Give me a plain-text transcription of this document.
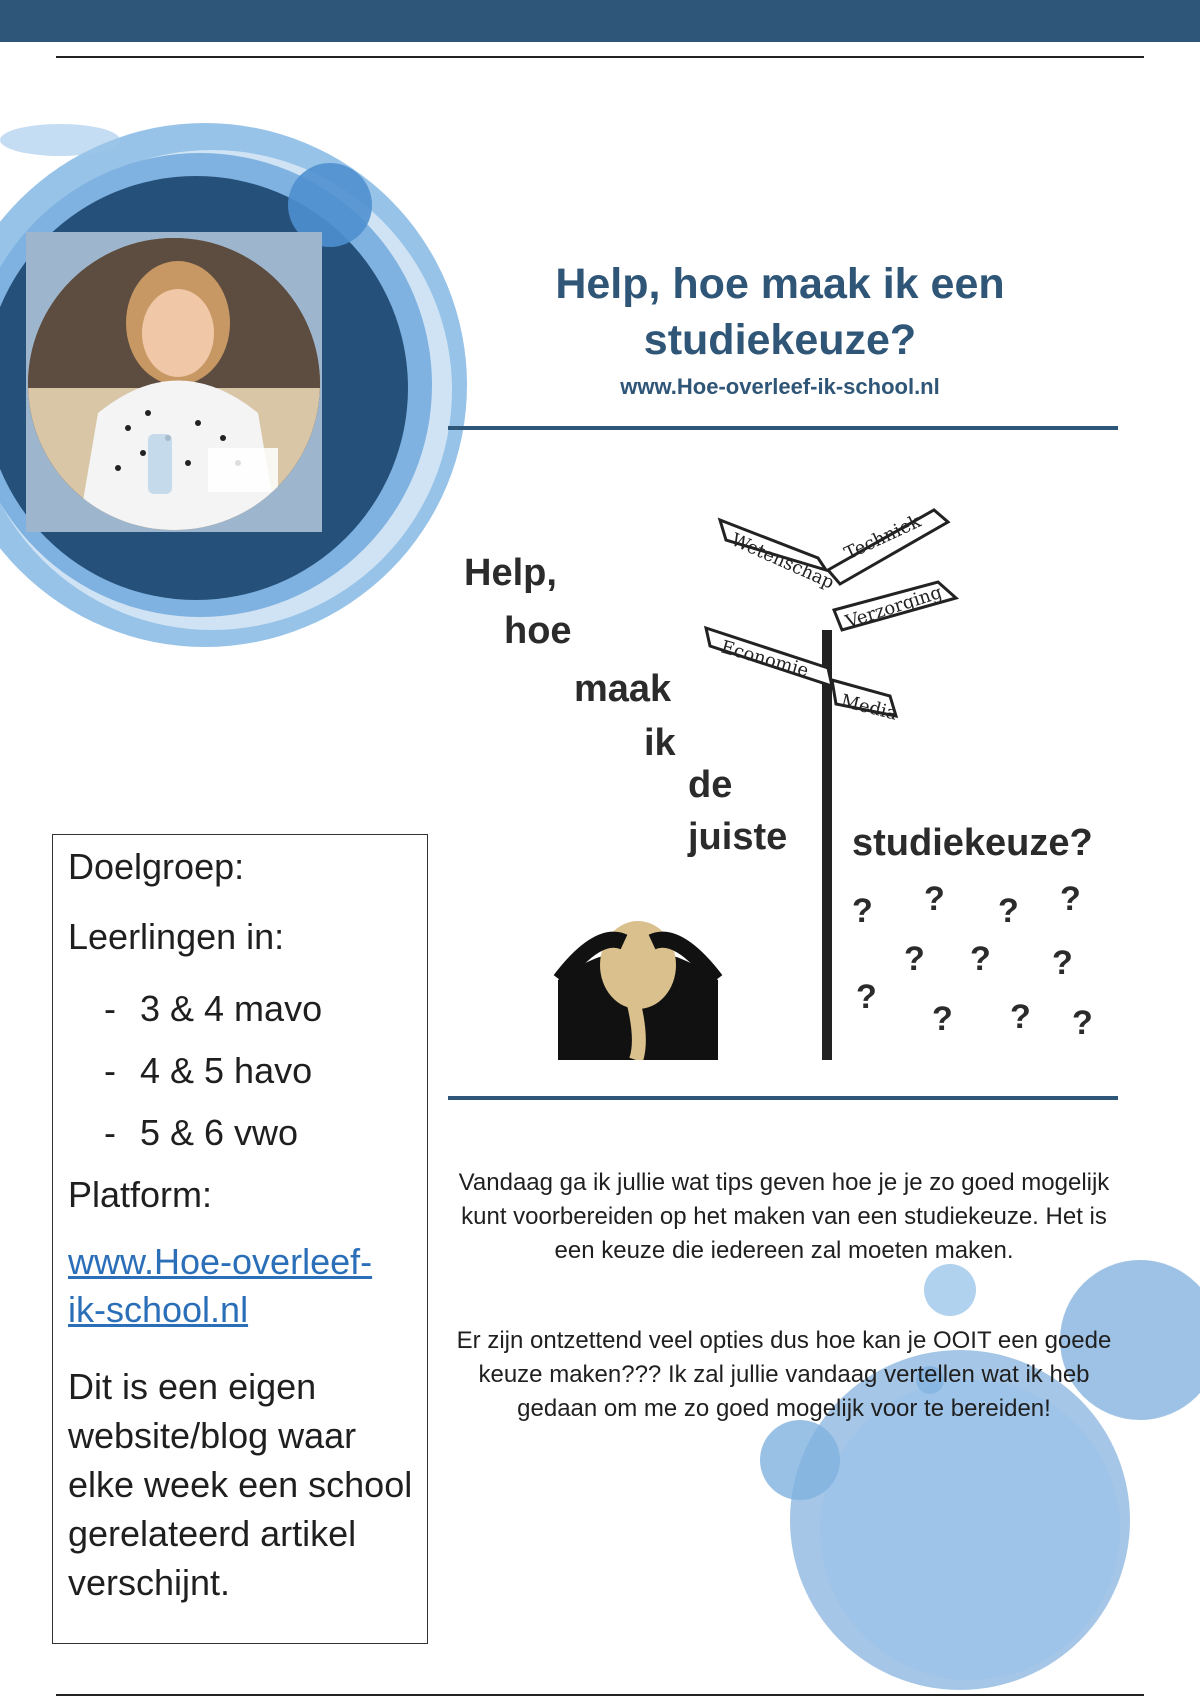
Help, hoe maak ik een studiekeuze?

www.Hoe-overleef-ik-school.nl

Help,
hoe
maak
ik
de
juiste studiekeuze?
Techniek
Wetenschap
Verzorging
Economie
Media
? ? ? ?
? ? ?
?
? ? ?

Vandaag ga ik jullie wat tips geven hoe je je zo goed mogelijk kunt voorbereiden op het maken van een studiekeuze. Het is een keuze die iedereen zal moeten maken.

Er zijn ontzettend veel opties dus hoe kan je OOIT een goede keuze maken??? Ik zal jullie vandaag vertellen wat ik heb gedaan om me zo goed mogelijk voor te bereiden!

Doelgroep:

Leerlingen in:

- 3 & 4 mavo
- 4 & 5 havo
- 5 & 6 vwo

Platform:

www.Hoe-overleef-ik-school.nl

Dit is een eigen website/blog waar elke week een school gerelateerd artikel verschijnt.
